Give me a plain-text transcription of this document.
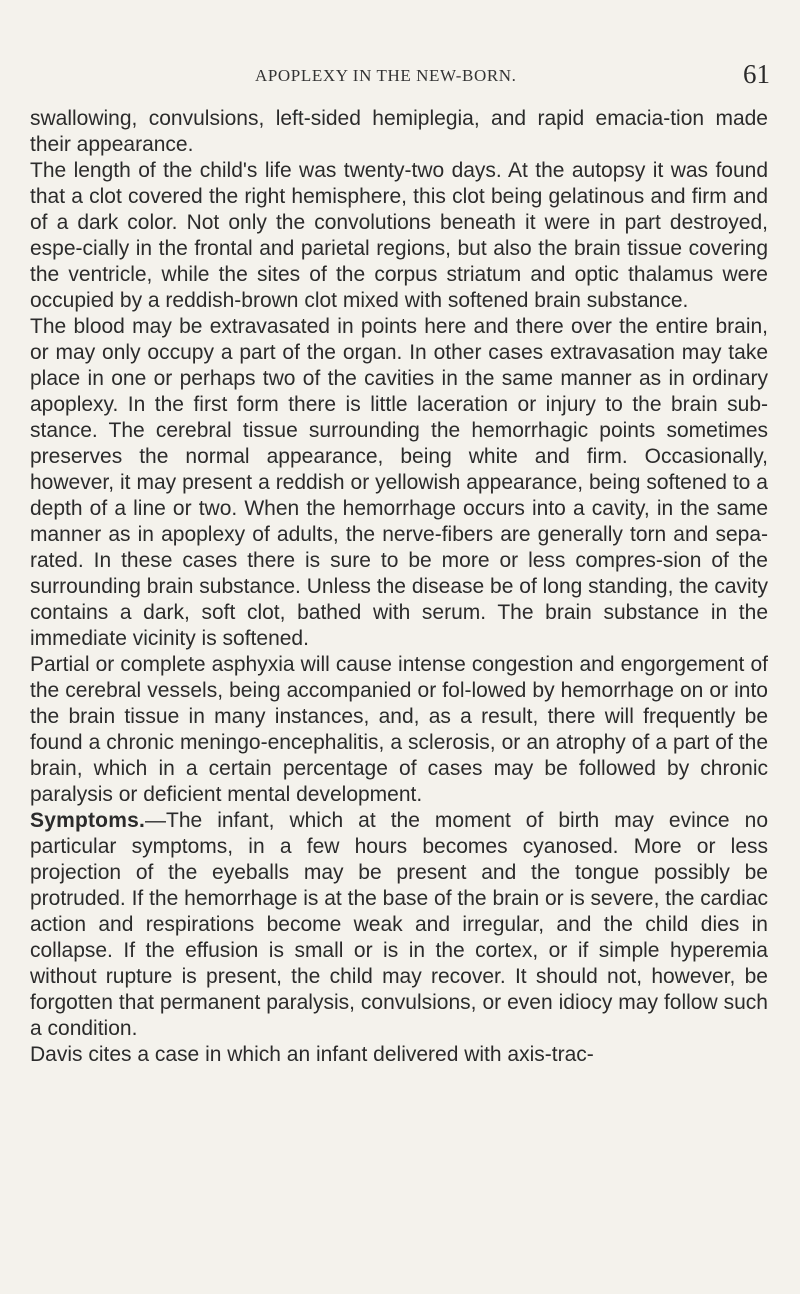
APOPLEXY IN THE NEW-BORN.	61

swallowing, convulsions, left-sided hemiplegia, and rapid emacia-tion made their appearance.

The length of the child's life was twenty-two days. At the autopsy it was found that a clot covered the right hemisphere, this clot being gelatinous and firm and of a dark color. Not only the convolutions beneath it were in part destroyed, espe-cially in the frontal and parietal regions, but also the brain tissue covering the ventricle, while the sites of the corpus striatum and optic thalamus were occupied by a reddish-brown clot mixed with softened brain substance.

The blood may be extravasated in points here and there over the entire brain, or may only occupy a part of the organ. In other cases extravasation may take place in one or perhaps two of the cavities in the same manner as in ordinary apoplexy. In the first form there is little laceration or injury to the brain sub-stance. The cerebral tissue surrounding the hemorrhagic points sometimes preserves the normal appearance, being white and firm. Occasionally, however, it may present a reddish or yellowish appearance, being softened to a depth of a line or two. When the hemorrhage occurs into a cavity, in the same manner as in apoplexy of adults, the nerve-fibers are generally torn and sepa-rated. In these cases there is sure to be more or less compres-sion of the surrounding brain substance. Unless the disease be of long standing, the cavity contains a dark, soft clot, bathed with serum. The brain substance in the immediate vicinity is softened.

Partial or complete asphyxia will cause intense congestion and engorgement of the cerebral vessels, being accompanied or fol-lowed by hemorrhage on or into the brain tissue in many instances, and, as a result, there will frequently be found a chronic meningo-encephalitis, a sclerosis, or an atrophy of a part of the brain, which in a certain percentage of cases may be followed by chronic paralysis or deficient mental development.

Symptoms.—The infant, which at the moment of birth may evince no particular symptoms, in a few hours becomes cyanosed. More or less projection of the eyeballs may be present and the tongue possibly be protruded. If the hemorrhage is at the base of the brain or is severe, the cardiac action and respirations become weak and irregular, and the child dies in collapse. If the effusion is small or is in the cortex, or if simple hyperemia without rupture is present, the child may recover. It should not, however, be forgotten that permanent paralysis, convulsions, or even idiocy may follow such a condition.

Davis cites a case in which an infant delivered with axis-trac-
